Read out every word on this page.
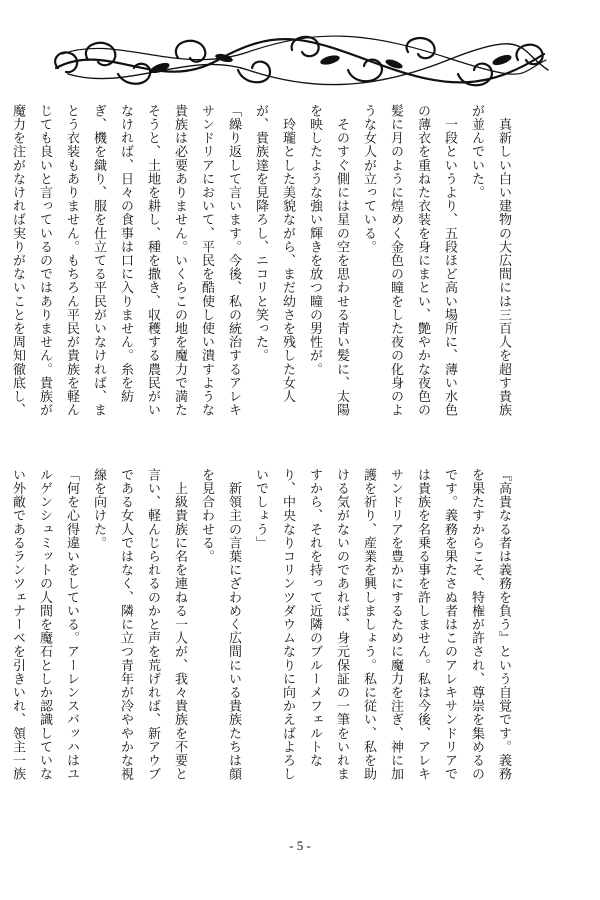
　真新しい白い建物の大広間には三百人を超す貴族が並んでいた。
　一段というより、五段ほど高い場所に、薄い水色の薄衣を重ねた衣装を身にまとい、艶やかな夜色の髪に月のように煌めく金色の瞳をした夜の化身のような女人が立っている。
　そのすぐ側には星の空を思わせる青い髪に、太陽を映したような強い輝きを放つ瞳の男性が。
　玲瓏とした美貌ながら、まだ幼さを残した女人が、貴族達を見降ろし、ニコリと笑った。
「繰り返して言います。今後、私の統治するアレキサンドリアにおいて、平民を酷使し使い潰すような貴族は必要ありません。いくらこの地を魔力で満たそうと、土地を耕し、種を撒き、収穫する農民がいなければ、日々の食事は口に入りません。糸を紡ぎ、機を織り、服を仕立てる平民がいなければ、まとう衣装もありません。もちろん平民が貴族を軽んじても良いと言っているのではありません。貴族が魔力を注がなければ実りがないことを周知徹底し、

『高貴なる者は義務を負う』という自覚です。義務を果たすからこそ、特権が許され、尊崇を集めるのです。義務を果たさぬ者はこのアレキサンドリアでは貴族を名乗る事を許しません。私は今後、アレキサンドリアを豊かにするために魔力を注ぎ、神に加護を祈り、産業を興しましょう。私に従い、私を助ける気がないのであれば、身元保証の一筆をいれますから、それを持って近隣のブルーメフェルトなり、中央なりコリンツダウムなりに向かえばよろしいでしょう」
　新領主の言葉にざわめく広間にいる貴族たちは顔を見合わせる。
　上級貴族に名を連ねる一人が、我々貴族を不要と言い、軽んじられるのかと声を荒げれば、新アウブである女人ではなく、隣に立つ青年が冷ややかな視線を向けた。
「何を心得違いをしている。アーレンスバッハはユルゲンシュミットの人間を魔石としか認識していない外敵であるランツェナーベを引きいれ、領主一族

- 5 -
